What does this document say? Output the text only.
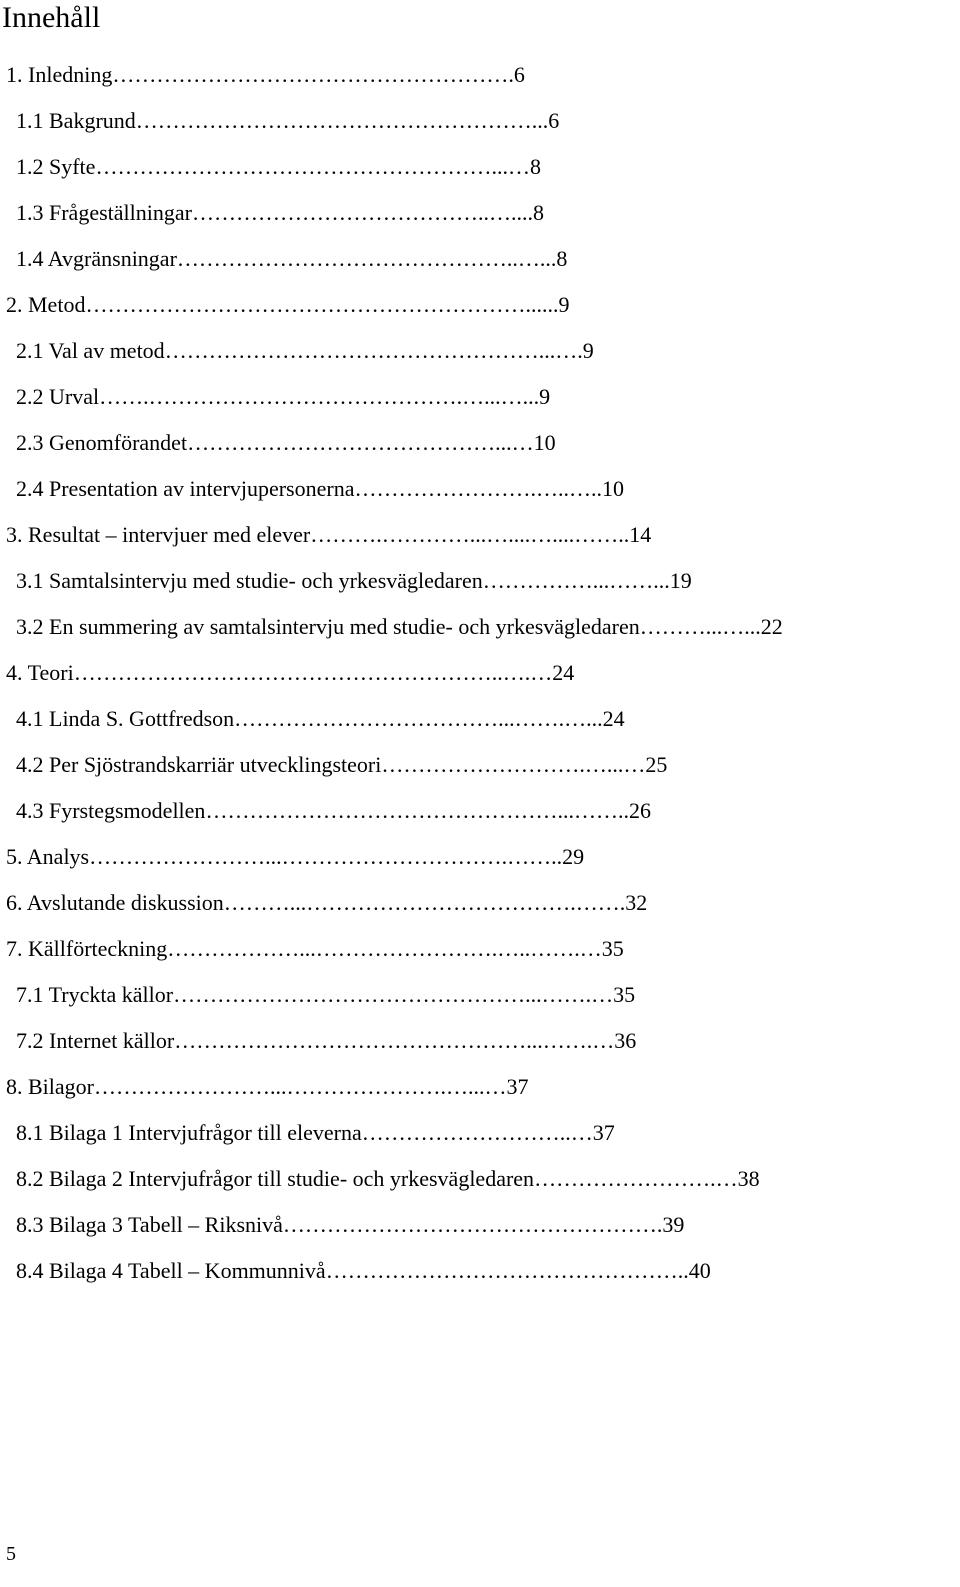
Innehåll
1. Inledning……………………………………………….6
1.1 Bakgrund………………………………………………...6
1.2 Syfte………………………………………………...…8
1.3 Frågeställningar…………………………………..…....8
1.4 Avgränsningar………………………………………..…...8
2. Metod……………………………………………………......9
2.1 Val av metod……………………………………………...….9
2.2 Urval…….…………………………………….…...…...9
2.3 Genomförandet……………………………………...…10
2.4 Presentation av intervjupersonerna…………………….…..…..10
3. Resultat – intervjuer med elever……….…………...…....…....……..14
3.1 Samtalsintervju med studie- och yrkesvägledaren……………...……...19
3.2 En summering av samtalsintervju med studie- och yrkesvägledaren………...…...22
4. Teori…………………………………………………..….…24
4.1 Linda S. Gottfredson………………………………...…….…...24
4.2 Per Sjöstrandskarriär utvecklingsteori……………………….…...…25
4.3 Fyrstegsmodellen…………………………………………...……..26
5. Analys……………………...………………………….……..29
6. Avslutande diskussion………...……………………………….…….32
7. Källförteckning………………...…………………….…..…….…35
7.1 Tryckta källor…………………………………………...…….…35
7.2 Internet källor…………………………………………...…….…36
8. Bilagor……………………...………………….…...…37
8.1 Bilaga 1 Intervjufrågor till eleverna………………………..…37
8.2 Bilaga 2 Intervjufrågor till studie- och yrkesvägledaren…………………….…38
8.3 Bilaga 3 Tabell – Riksnivå…………………………………………….39
8.4 Bilaga 4 Tabell – Kommunnivå…………………………………………..40
5
